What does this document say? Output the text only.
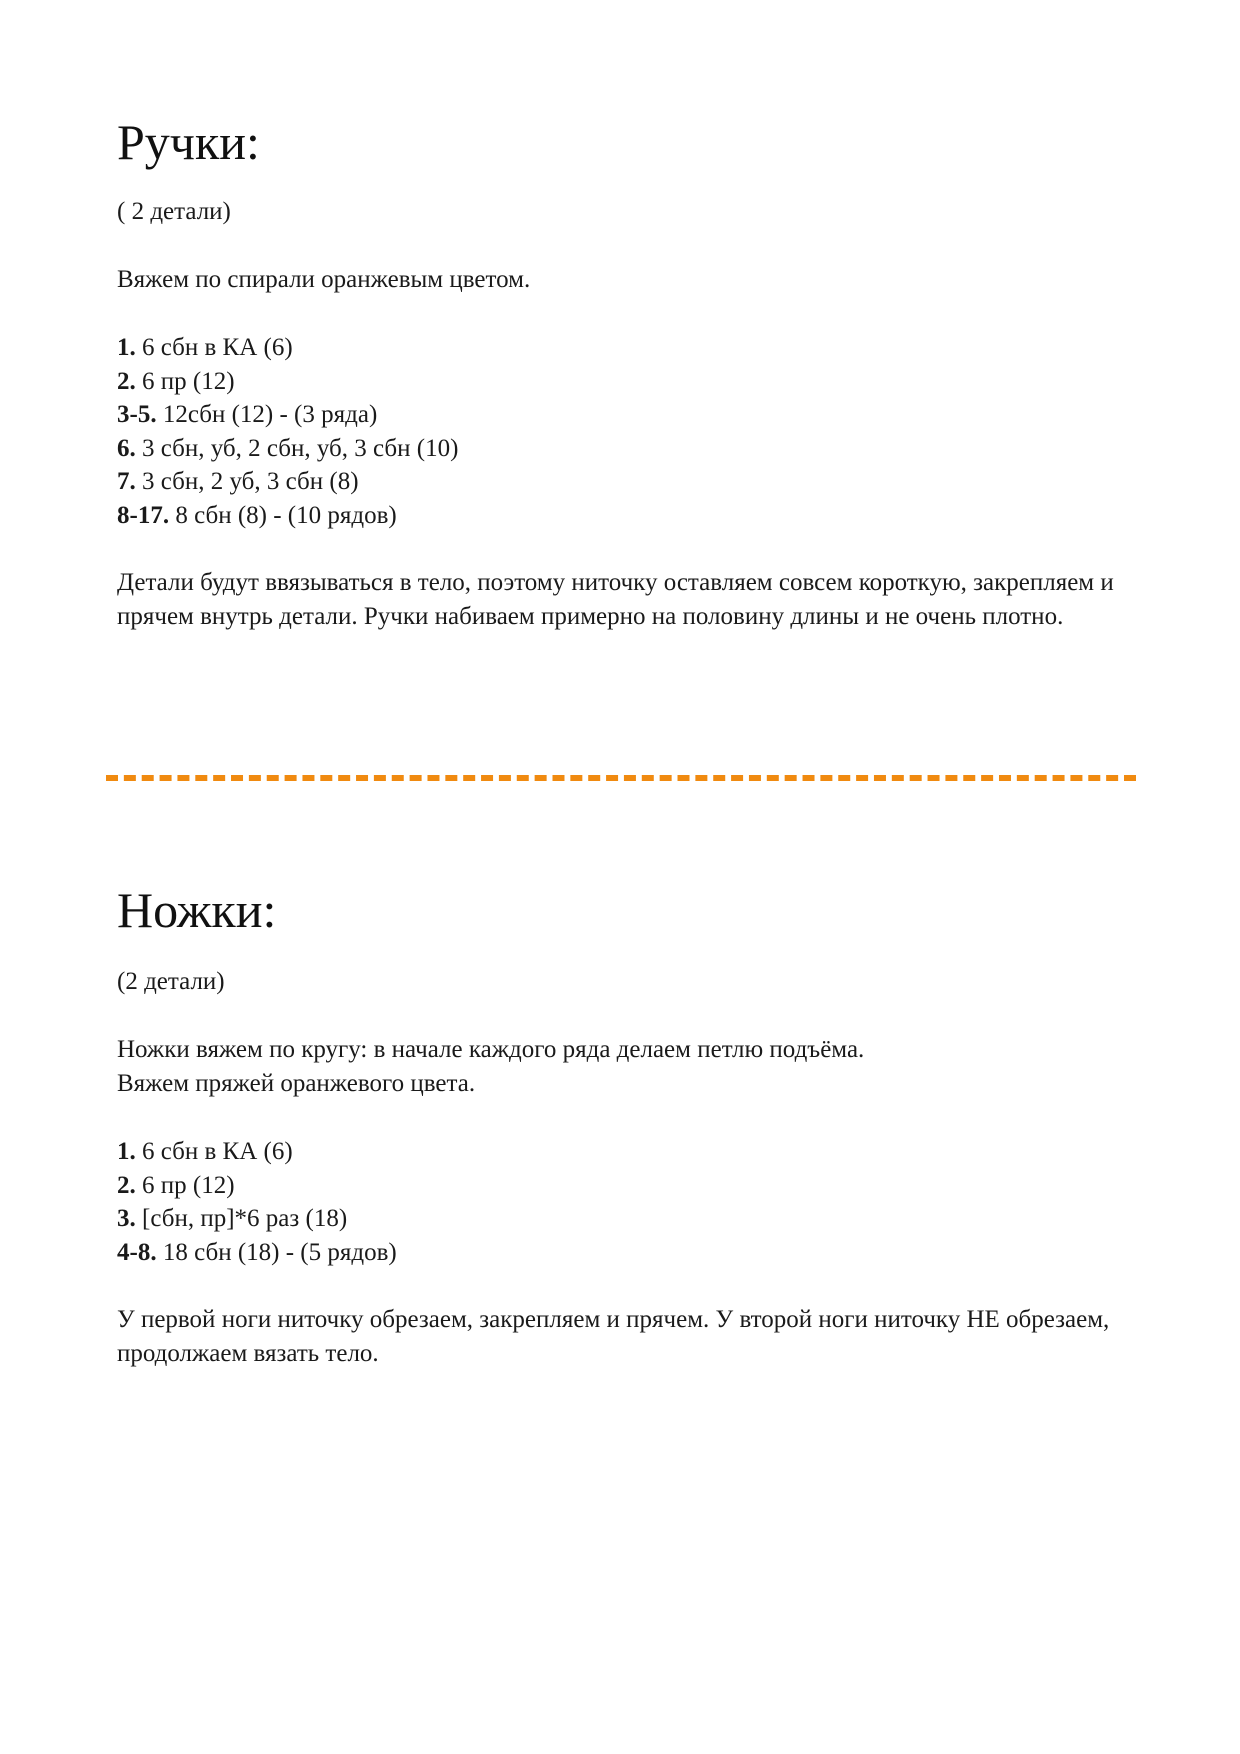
Ручки:

( 2 детали)

Вяжем по спирали оранжевым цветом.

1. 6 сбн в КА (6)
2. 6 пр (12)
3-5. 12сбн (12) - (3 ряда)
6. 3 сбн, уб, 2 сбн, уб, 3 сбн (10)
7. 3 сбн, 2 уб, 3 сбн (8)
8-17. 8 сбн (8) - (10 рядов)

Детали будут ввязываться в тело, поэтому ниточку оставляем совсем короткую, закрепляем и прячем внутрь детали. Ручки набиваем примерно на половину длины и не очень плотно.

Ножки:

(2 детали)

Ножки вяжем по кругу: в начале каждого ряда делаем петлю подъёма.
Вяжем пряжей оранжевого цвета.

1. 6 сбн в КА (6)
2. 6 пр (12)
3. [сбн, пр]*6 раз (18)
4-8. 18 сбн (18) - (5 рядов)

У первой ноги ниточку обрезаем, закрепляем и прячем. У второй ноги ниточку НЕ обрезаем, продолжаем вязать тело.
